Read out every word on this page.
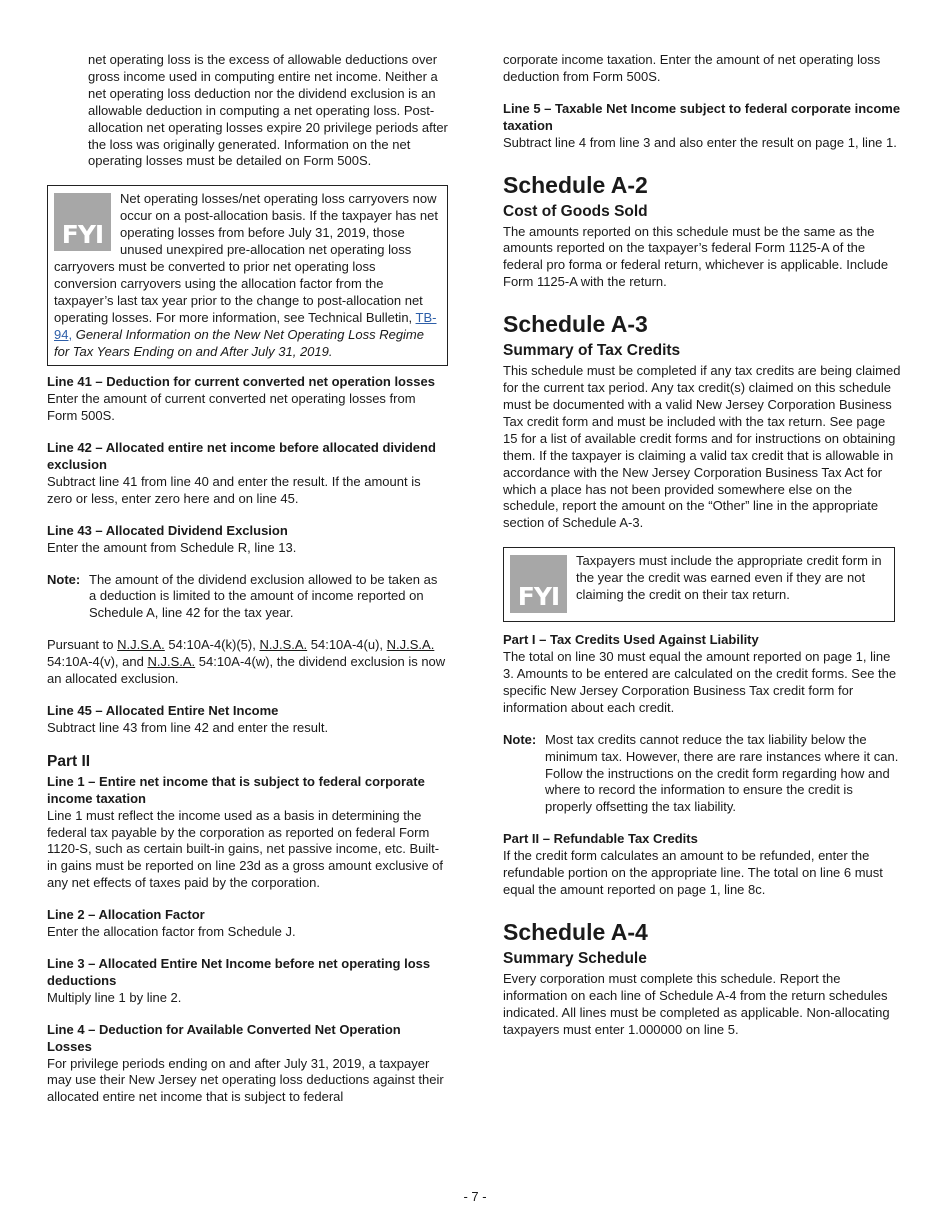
net operating loss is the excess of allowable deductions over gross income used in computing entire net income. Neither a net operating loss deduction nor the dividend exclusion is an allowable deduction in computing a net operating loss. Post-allocation net operating losses expire 20 privilege periods after the loss was originally generated. Information on the net operating losses must be detailed on Form 500S.

FYI
Net operating losses/net operating loss carryovers now occur on a post-allocation basis. If the taxpayer has net operating losses from before July 31, 2019, those unused unexpired pre-allocation net operating loss carryovers must be converted to prior net operating loss conversion carryovers using the allocation factor from the taxpayer’s last tax year prior to the change to post-allocation net operating losses. For more information, see Technical Bulletin, TB-94, General Information on the New Net Operating Loss Regime for Tax Years Ending on and After July 31, 2019.

Line 41 – Deduction for current converted net operation losses

Enter the amount of current converted net operating losses from Form 500S.

Line 42 – Allocated entire net income before allocated dividend exclusion

Subtract line 41 from line 40 and enter the result. If the amount is zero or less, enter zero here and on line 45.

Line 43 – Allocated Dividend Exclusion

Enter the amount from Schedule R, line 13.

Note: The amount of the dividend exclusion allowed to be taken as a deduction is limited to the amount of income reported on Schedule A, line 42 for the tax year.

Pursuant to N.J.S.A. 54:10A-4(k)(5), N.J.S.A. 54:10A-4(u), N.J.S.A. 54:10A-4(v), and N.J.S.A. 54:10A-4(w), the dividend exclusion is now an allocated exclusion.

Line 45 – Allocated Entire Net Income

Subtract line 43 from line 42 and enter the result.

Part II

Line 1 – Entire net income that is subject to federal corporate income taxation

Line 1 must reflect the income used as a basis in determining the federal tax payable by the corporation as reported on federal Form 1120-S, such as certain built-in gains, net passive income, etc. Built-in gains must be reported on line 23d as a gross amount exclusive of any net effects of taxes paid by the corporation.

Line 2 – Allocation Factor

Enter the allocation factor from Schedule J.

Line 3 – Allocated Entire Net Income before net operating loss deductions

Multiply line 1 by line 2.

Line 4 – Deduction for Available Converted Net Operation Losses

For privilege periods ending on and after July 31, 2019, a taxpayer may use their New Jersey net operating loss deductions against their allocated entire net income that is subject to federal

corporate income taxation. Enter the amount of net operating loss deduction from Form 500S.

Line 5 – Taxable Net Income subject to federal corporate income taxation

Subtract line 4 from line 3 and also enter the result on page 1, line 1.

Schedule A-2
Cost of Goods Sold

The amounts reported on this schedule must be the same as the amounts reported on the taxpayer’s federal Form 1125-A of the federal pro forma or federal return, whichever is applicable. Include Form 1125-A with the return.

Schedule A-3
Summary of Tax Credits

This schedule must be completed if any tax credits are being claimed for the current tax period. Any tax credit(s) claimed on this schedule must be documented with a valid New Jersey Corporation Business Tax credit form and must be included with the tax return. See page 15 for a list of available credit forms and for instructions on obtaining them. If the taxpayer is claiming a valid tax credit that is allowable in accordance with the New Jersey Corporation Business Tax Act for which a place has not been provided somewhere else on the schedule, report the amount on the “Other” line in the appropriate section of Schedule A-3.

FYI
Taxpayers must include the appropriate credit form in the year the credit was earned even if they are not claiming the credit on their tax return.

Part I – Tax Credits Used Against Liability

The total on line 30 must equal the amount reported on page 1, line 3. Amounts to be entered are calculated on the credit forms. See the specific New Jersey Corporation Business Tax credit form for information about each credit.

Note: Most tax credits cannot reduce the tax liability below the minimum tax. However, there are rare instances where it can. Follow the instructions on the credit form regarding how and where to record the information to ensure the credit is properly offsetting the tax liability.

Part II – Refundable Tax Credits

If the credit form calculates an amount to be refunded, enter the refundable portion on the appropriate line. The total on line 6 must equal the amount reported on page 1, line 8c.

Schedule A-4
Summary Schedule

Every corporation must complete this schedule. Report the information on each line of Schedule A-4 from the return schedules indicated. All lines must be completed as applicable. Non-allocating taxpayers must enter 1.000000 on line 5.

- 7 -
